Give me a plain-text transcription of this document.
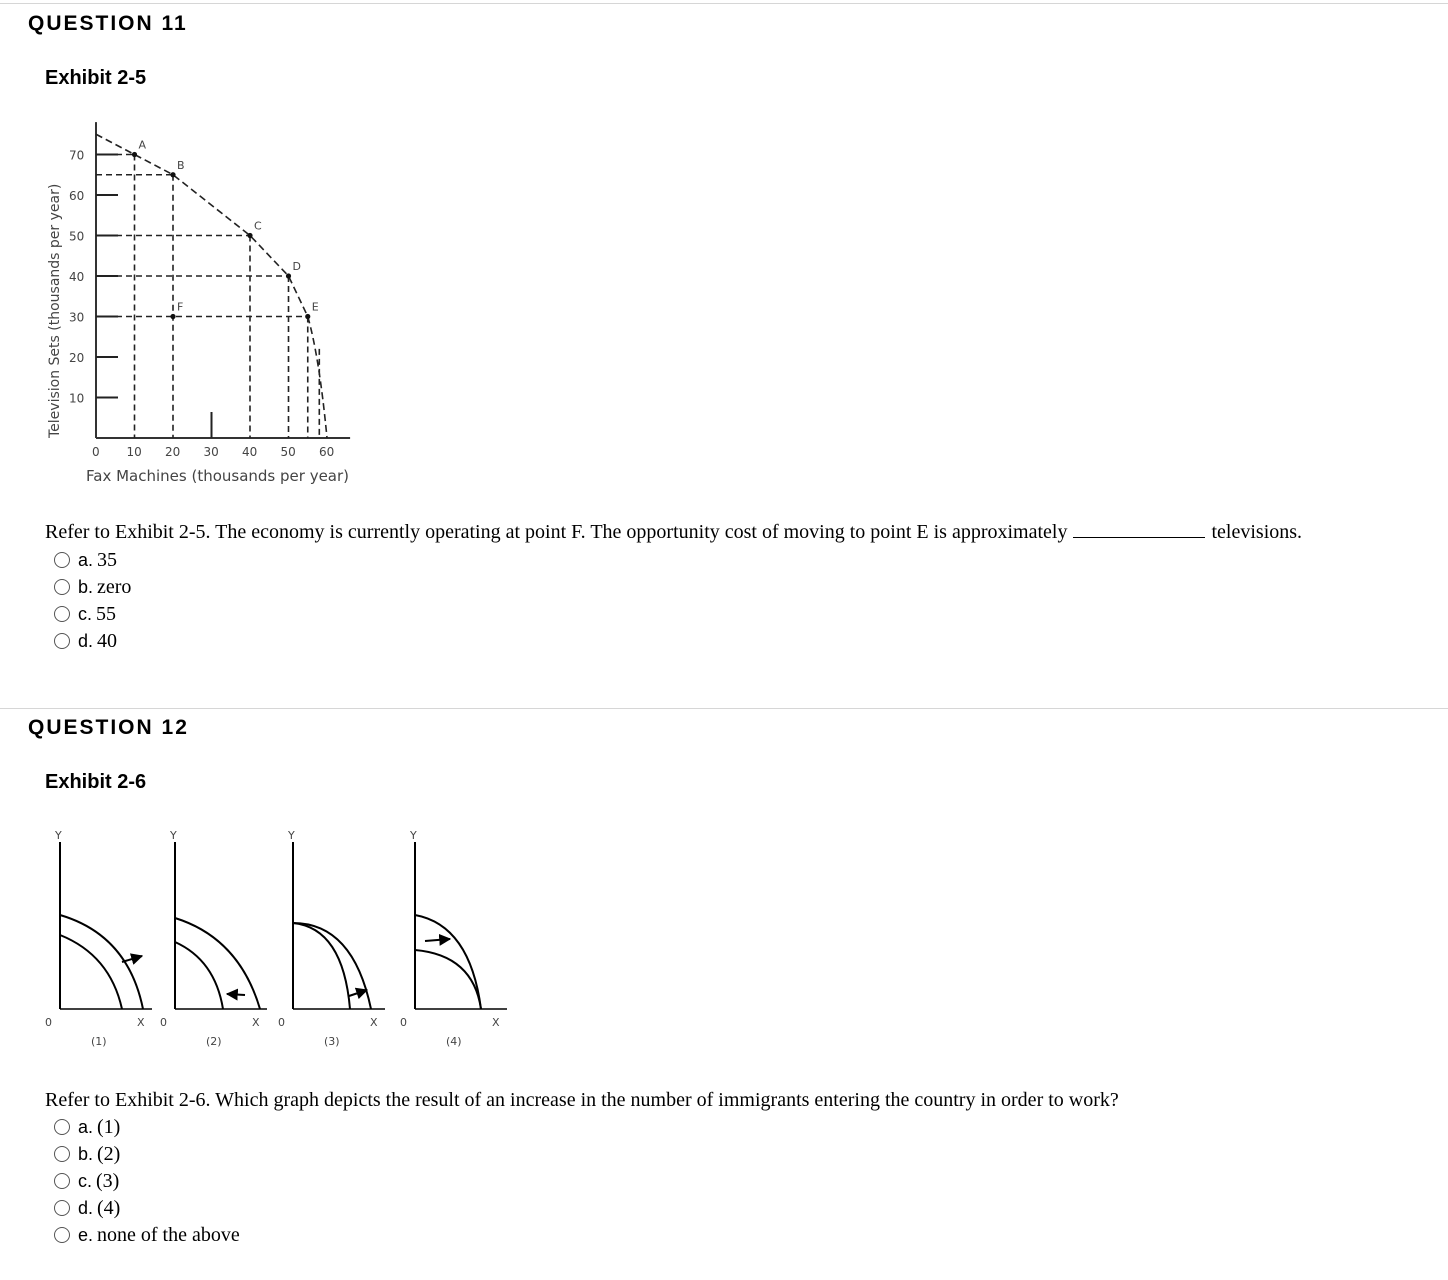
QUESTION 11
Exhibit 2-5
10
20
30
40
50
60
70
0 10 20 30 40 50 60
A
B
C
D
E
F
Fax Machines (thousands per year)
Television Sets (thousands per year)
Refer to Exhibit 2-5. The economy is currently operating at point F. The opportunity cost of moving to point E is approximately	televisions.
a. 35
b. zero
c. 55
d. 40
QUESTION 12
Exhibit 2-6
Y
0	X
(1)
Y
0	X
(2)
Y
0	X
(3)
Y
0	X
(4)
Refer to Exhibit 2-6. Which graph depicts the result of an increase in the number of immigrants entering the country in order to work?
a. (1)
b. (2)
c. (3)
d. (4)
e. none of the above
